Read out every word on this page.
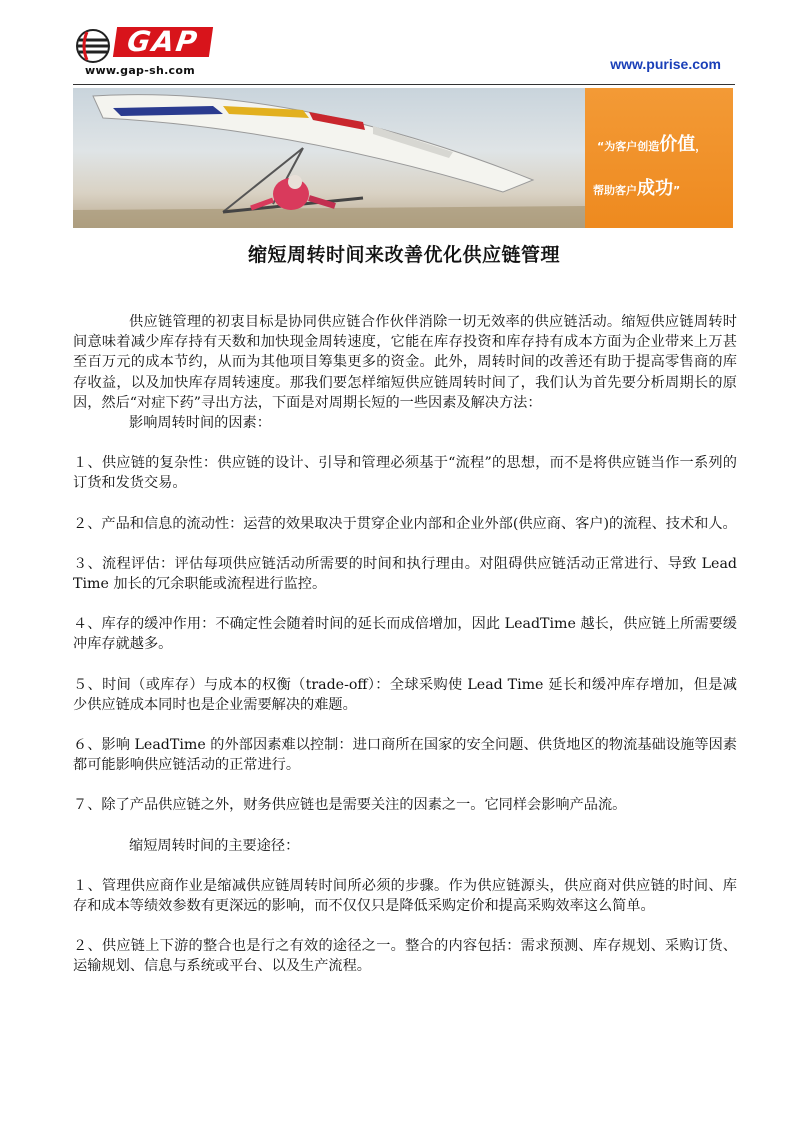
GAP
www.gap-sh.com	www.purise.com
“为客户创造价值，
帮助客户成功”
缩短周转时间来改善优化供应链管理

供应链管理的初衷目标是协同供应链合作伙伴消除一切无效率的供应链活动。缩短供应链周转时间意味着减少库存持有天数和加快现金周转速度，它能在库存投资和库存持有成本方面为企业带来上万甚至百万元的成本节约，从而为其他项目筹集更多的资金。此外，周转时间的改善还有助于提高零售商的库存收益，以及加快库存周转速度。那我们要怎样缩短供应链周转时间了，我们认为首先要分析周期长的原因，然后“对症下药”寻出方法，下面是对周期长短的一些因素及解决方法：

影响周转时间的因素：

１、供应链的复杂性：供应链的设计、引导和管理必须基于“流程”的思想，而不是将供应链当作一系列的订货和发货交易。

２、产品和信息的流动性：运营的效果取决于贯穿企业内部和企业外部(供应商、客户)的流程、技术和人。

３、流程评估：评估每项供应链活动所需要的时间和执行理由。对阻碍供应链活动正常进行、导致 Lead Time 加长的冗余职能或流程进行监控。

４、库存的缓冲作用：不确定性会随着时间的延长而成倍增加，因此 LeadTime 越长，供应链上所需要缓冲库存就越多。

５、时间（或库存）与成本的权衡（trade-off）：全球采购使 Lead Time 延长和缓冲库存增加，但是减少供应链成本同时也是企业需要解决的难题。

６、影响 LeadTime 的外部因素难以控制：进口商所在国家的安全问题、供货地区的物流基础设施等因素都可能影响供应链活动的正常进行。

７、除了产品供应链之外，财务供应链也是需要关注的因素之一。它同样会影响产品流。

缩短周转时间的主要途径：

１、管理供应商作业是缩减供应链周转时间所必须的步骤。作为供应链源头，供应商对供应链的时间、库存和成本等绩效参数有更深远的影响，而不仅仅只是降低采购定价和提高采购效率这么简单。

２、供应链上下游的整合也是行之有效的途径之一。整合的内容包括：需求预测、库存规划、采购订货、运输规划、信息与系统或平台、以及生产流程。
